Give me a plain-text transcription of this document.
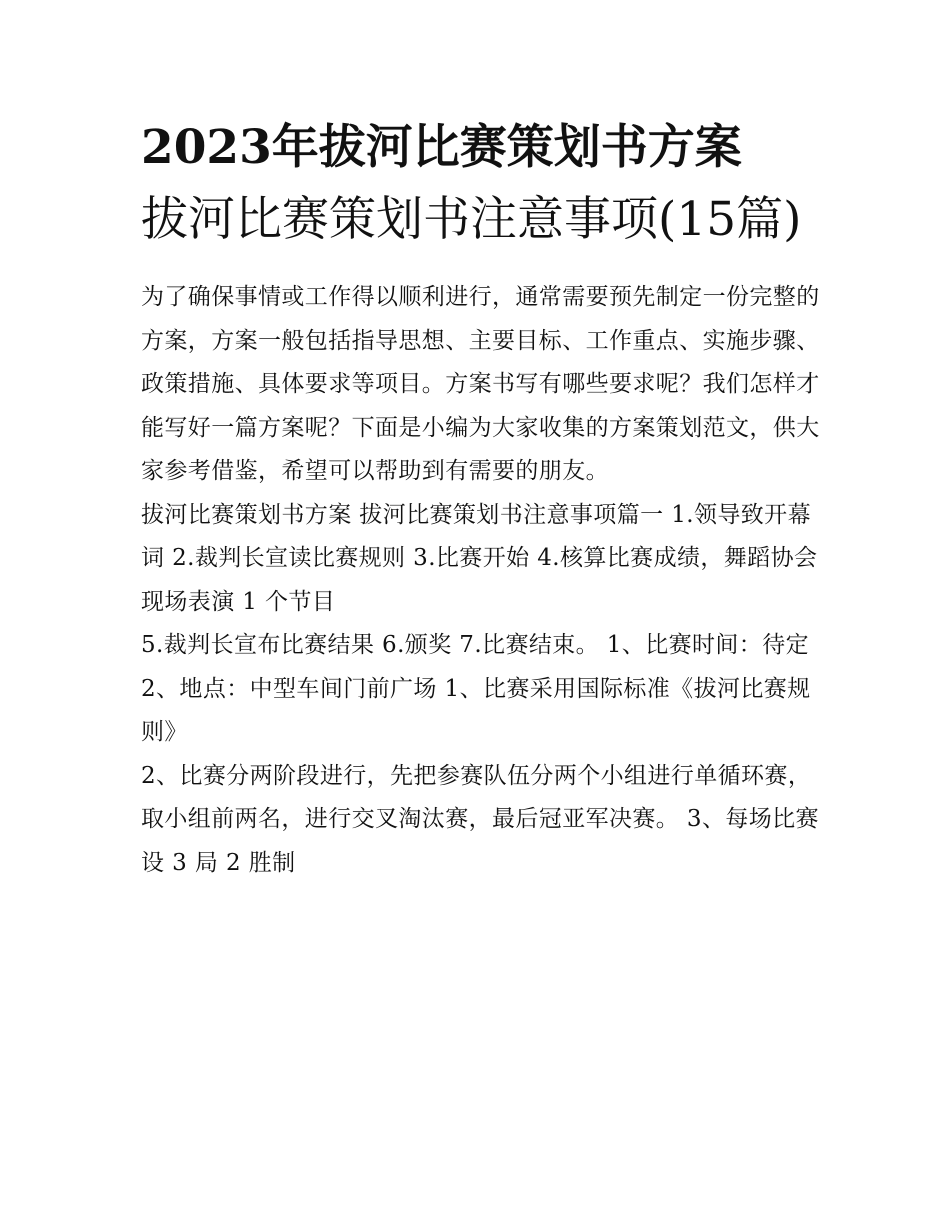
2023年拔河比赛策划书方案
拔河比赛策划书注意事项(15篇)

为了确保事情或工作得以顺利进行，通常需要预先制定一份完整的方案，方案一般包括指导思想、主要目标、工作重点、实施步骤、政策措施、具体要求等项目。方案书写有哪些要求呢？我们怎样才能写好一篇方案呢？下面是小编为大家收集的方案策划范文，供大家参考借鉴，希望可以帮助到有需要的朋友。

拔河比赛策划书方案 拔河比赛策划书注意事项篇一 1.领导致开幕词 2.裁判长宣读比赛规则 3.比赛开始 4.核算比赛成绩，舞蹈协会现场表演 1 个节目

5.裁判长宣布比赛结果 6.颁奖 7.比赛结束。 1、比赛时间：待定 2、地点：中型车间门前广场 1、比赛采用国际标准《拔河比赛规则》

2、比赛分两阶段进行，先把参赛队伍分两个小组进行单循环赛，取小组前两名，进行交叉淘汰赛，最后冠亚军决赛。 3、每场比赛设 3 局 2 胜制
